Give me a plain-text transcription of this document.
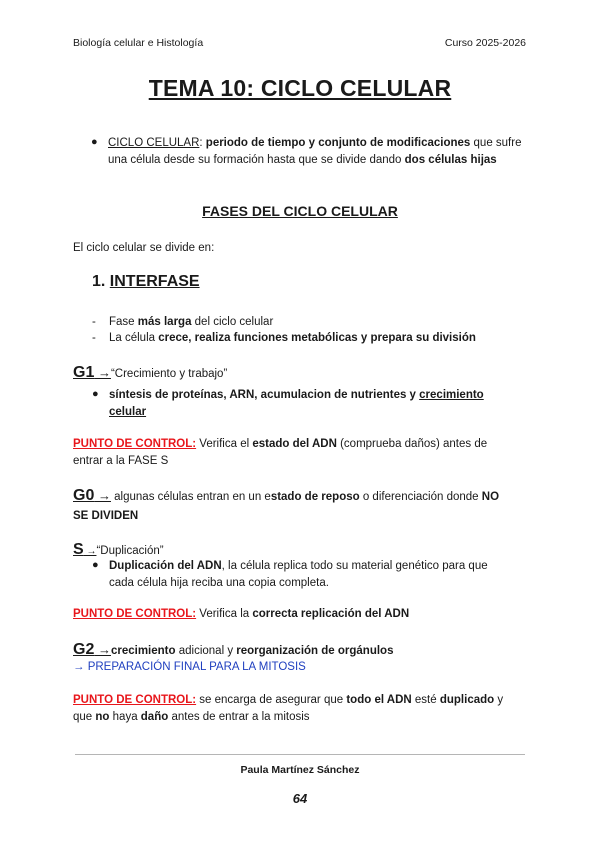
Biología celular e Histología	Curso 2025-2026
TEMA 10: CICLO CELULAR
● CICLO CELULAR: periodo de tiempo y conjunto de modificaciones que sufre una célula desde su formación hasta que se divide dando dos células hijas
FASES DEL CICLO CELULAR
El ciclo celular se divide en:
1. INTERFASE
- Fase más larga del ciclo celular
- La célula crece, realiza funciones metabólicas y prepara su división
G1 →“Crecimiento y trabajo”
● síntesis de proteínas, ARN, acumulacion de nutrientes y crecimiento
celular
PUNTO DE CONTROL: Verifica el estado del ADN (comprueba daños) antes de
entrar a la FASE S
G0 → algunas células entran en un estado de reposo o diferenciación donde NO
SE DIVIDEN
S →“Duplicación”
● Duplicación del ADN, la célula replica todo su material genético para que
cada célula hija reciba una copia completa.
PUNTO DE CONTROL: Verifica la correcta replicación del ADN
G2 →crecimiento adicional y reorganización de orgánulos
→ PREPARACIÓN FINAL PARA LA MITOSIS
PUNTO DE CONTROL: se encarga de asegurar que todo el ADN esté duplicado y
que no haya daño antes de entrar a la mitosis
Paula Martínez Sánchez
64
